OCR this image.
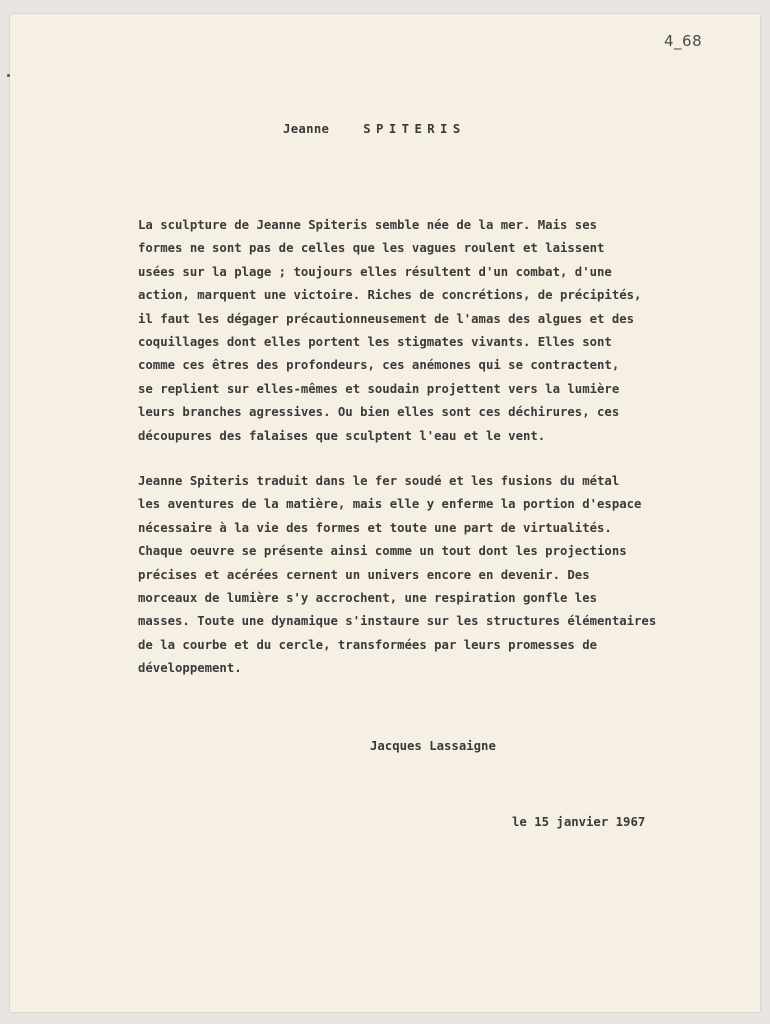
4_68
Jeanne	SPITERIS
La sculpture de Jeanne Spiteris semble née de la mer. Mais ses
formes ne sont pas de celles que les vagues roulent et laissent
usées sur la plage ; toujours elles résultent d'un combat, d'une
action, marquent une victoire. Riches de concrétions, de précipités,
il faut les dégager précautionneusement de l'amas des algues et des
coquillages dont elles portent les stigmates vivants. Elles sont
comme ces êtres des profondeurs, ces anémones qui se contractent,
se replient sur elles-mêmes et soudain projettent vers la lumière
leurs branches agressives. Ou bien elles sont ces déchirures, ces
découpures des falaises que sculptent l'eau et le vent.
Jeanne Spiteris traduit dans le fer soudé et les fusions du métal
les aventures de la matière, mais elle y enferme la portion d'espace
nécessaire à la vie des formes et toute une part de virtualités.
Chaque oeuvre se présente ainsi comme un tout dont les projections
précises et acérées cernent un univers encore en devenir. Des
morceaux de lumière s'y accrochent, une respiration gonfle les
masses. Toute une dynamique s'instaure sur les structures élémentaires
de la courbe et du cercle, transformées par leurs promesses de
développement.
Jacques Lassaigne
le 15 janvier 1967
